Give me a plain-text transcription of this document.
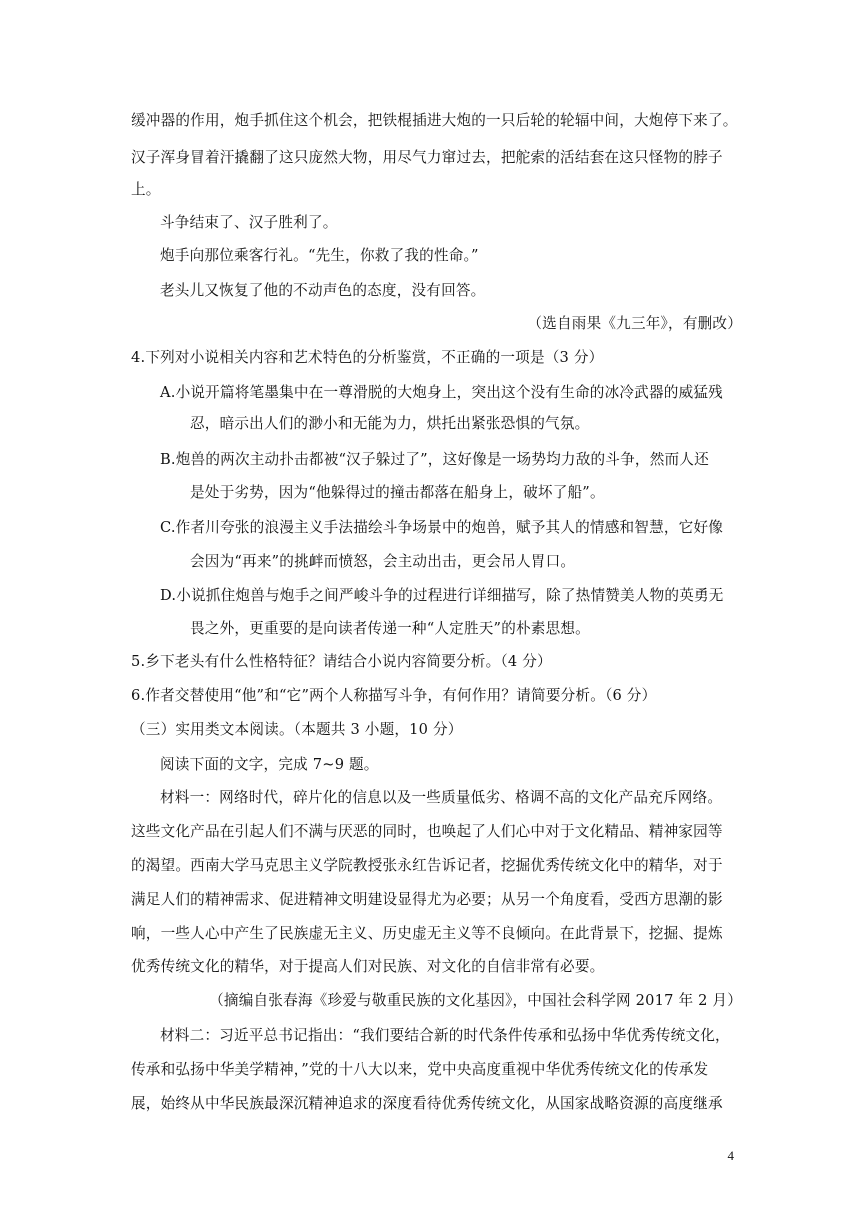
缓冲器的作用，炮手抓住这个机会，把铁棍插进大炮的一只后轮的轮辐中间，大炮停下来了。
汉子浑身冒着汗撬翻了这只庞然大物，用尽气力窜过去，把舵索的活结套在这只怪物的脖子
上。
斗争结束了、汉子胜利了。
炮手向那位乘客行礼。“先生，你救了我的性命。”
老头儿又恢复了他的不动声色的态度，没有回答。
（选自雨果《九三年》，有删改）
4.下列对小说相关内容和艺术特色的分析鉴赏，不正确的一项是（3 分）
A.小说开篇将笔墨集中在一尊滑脱的大炮身上，突出这个没有生命的冰冷武器的威猛残
忍，暗示出人们的渺小和无能为力，烘托出紧张恐惧的气氛。
B.炮兽的两次主动扑击都被“汉子躲过了”，这好像是一场势均力敌的斗争，然而人还
是处于劣势，因为“他躲得过的撞击都落在船身上，破坏了船”。
C.作者川夸张的浪漫主义手法描绘斗争场景中的炮兽，赋予其人的情感和智慧，它好像
会因为“再来”的挑衅而愤怒，会主动出击，更会吊人胃口。
D.小说抓住炮兽与炮手之间严峻斗争的过程进行详细描写，除了热情赞美人物的英勇无
畏之外，更重要的是向读者传递一种“人定胜天”的朴素思想。
5.乡下老头有什么性格特征？请结合小说内容简要分析。（4 分）
6.作者交替使用“他”和“它”两个人称描写斗争，有何作用？请简要分析。（6 分）
（三）实用类文本阅读。（本题共 3 小题，10 分）
阅读下面的文字，完成 7~9 题。
材料一：网络时代，碎片化的信息以及一些质量低劣、格调不高的文化产品充斥网络。
这些文化产品在引起人们不满与厌恶的同时，也唤起了人们心中对于文化精品、精神家园等
的渴望。西南大学马克思主义学院教授张永红告诉记者，挖掘优秀传统文化中的精华，对于
满足人们的精神需求、促进精神文明建设显得尤为必要；从另一个角度看，受西方思潮的影
响，一些人心中产生了民族虚无主义、历史虚无主义等不良倾向。在此背景下，挖掘、提炼
优秀传统文化的精华，对于提高人们对民族、对文化的自信非常有必要。
（摘编自张春海《珍爱与敬重民族的文化基因》，中国社会科学网 2017 年 2 月）
材料二：习近平总书记指出：“我们要结合新的时代条件传承和弘扬中华优秀传统文化，
传承和弘扬中华美学精神，”党的十八大以来，党中央高度重视中华优秀传统文化的传承发
展，始终从中华民族最深沉精神追求的深度看待优秀传统文化，从国家战略资源的高度继承
4
